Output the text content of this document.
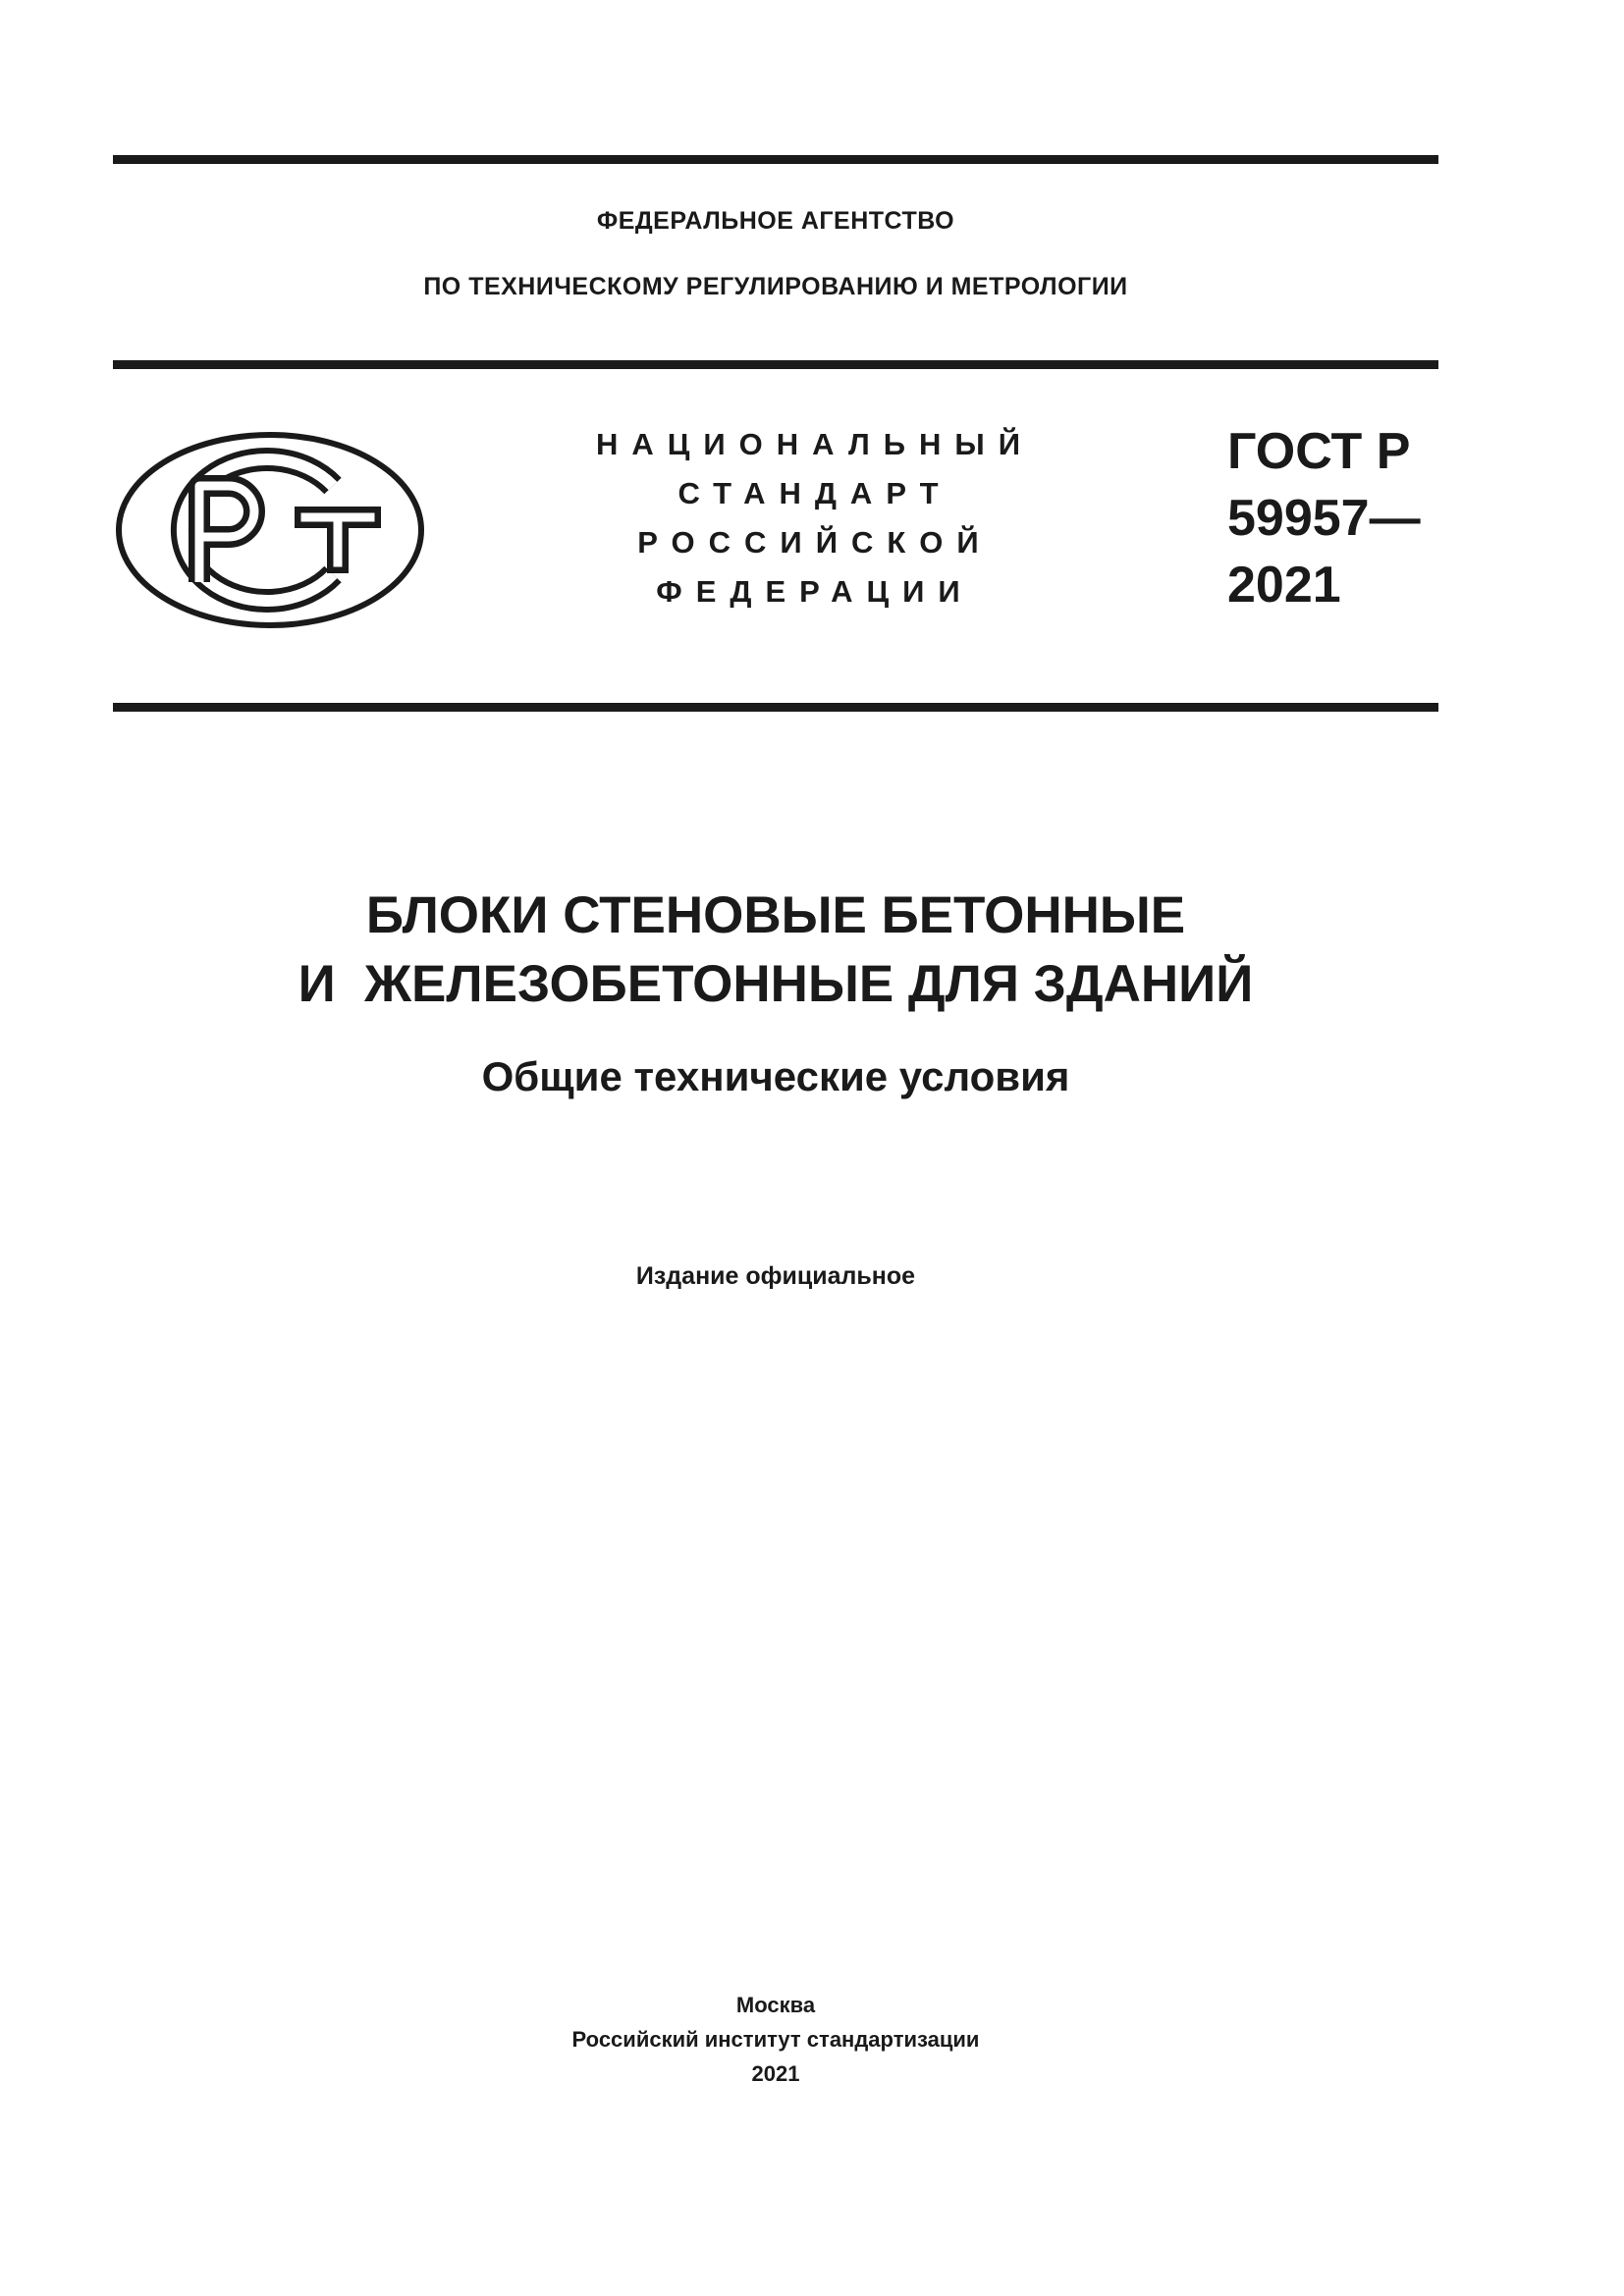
ФЕДЕРАЛЬНОЕ АГЕНТСТВО
ПО ТЕХНИЧЕСКОМУ РЕГУЛИРОВАНИЮ И МЕТРОЛОГИИ
НАЦИОНАЛЬНЫЙ
СТАНДАРТ
РОССИЙСКОЙ
ФЕДЕРАЦИИ
ГОСТ Р
59957—
2021
БЛОКИ СТЕНОВЫЕ БЕТОННЫЕ
И  ЖЕЛЕЗОБЕТОННЫЕ ДЛЯ ЗДАНИЙ
Общие технические условия
Издание официальное
Москва
Российский институт стандартизации
2021
